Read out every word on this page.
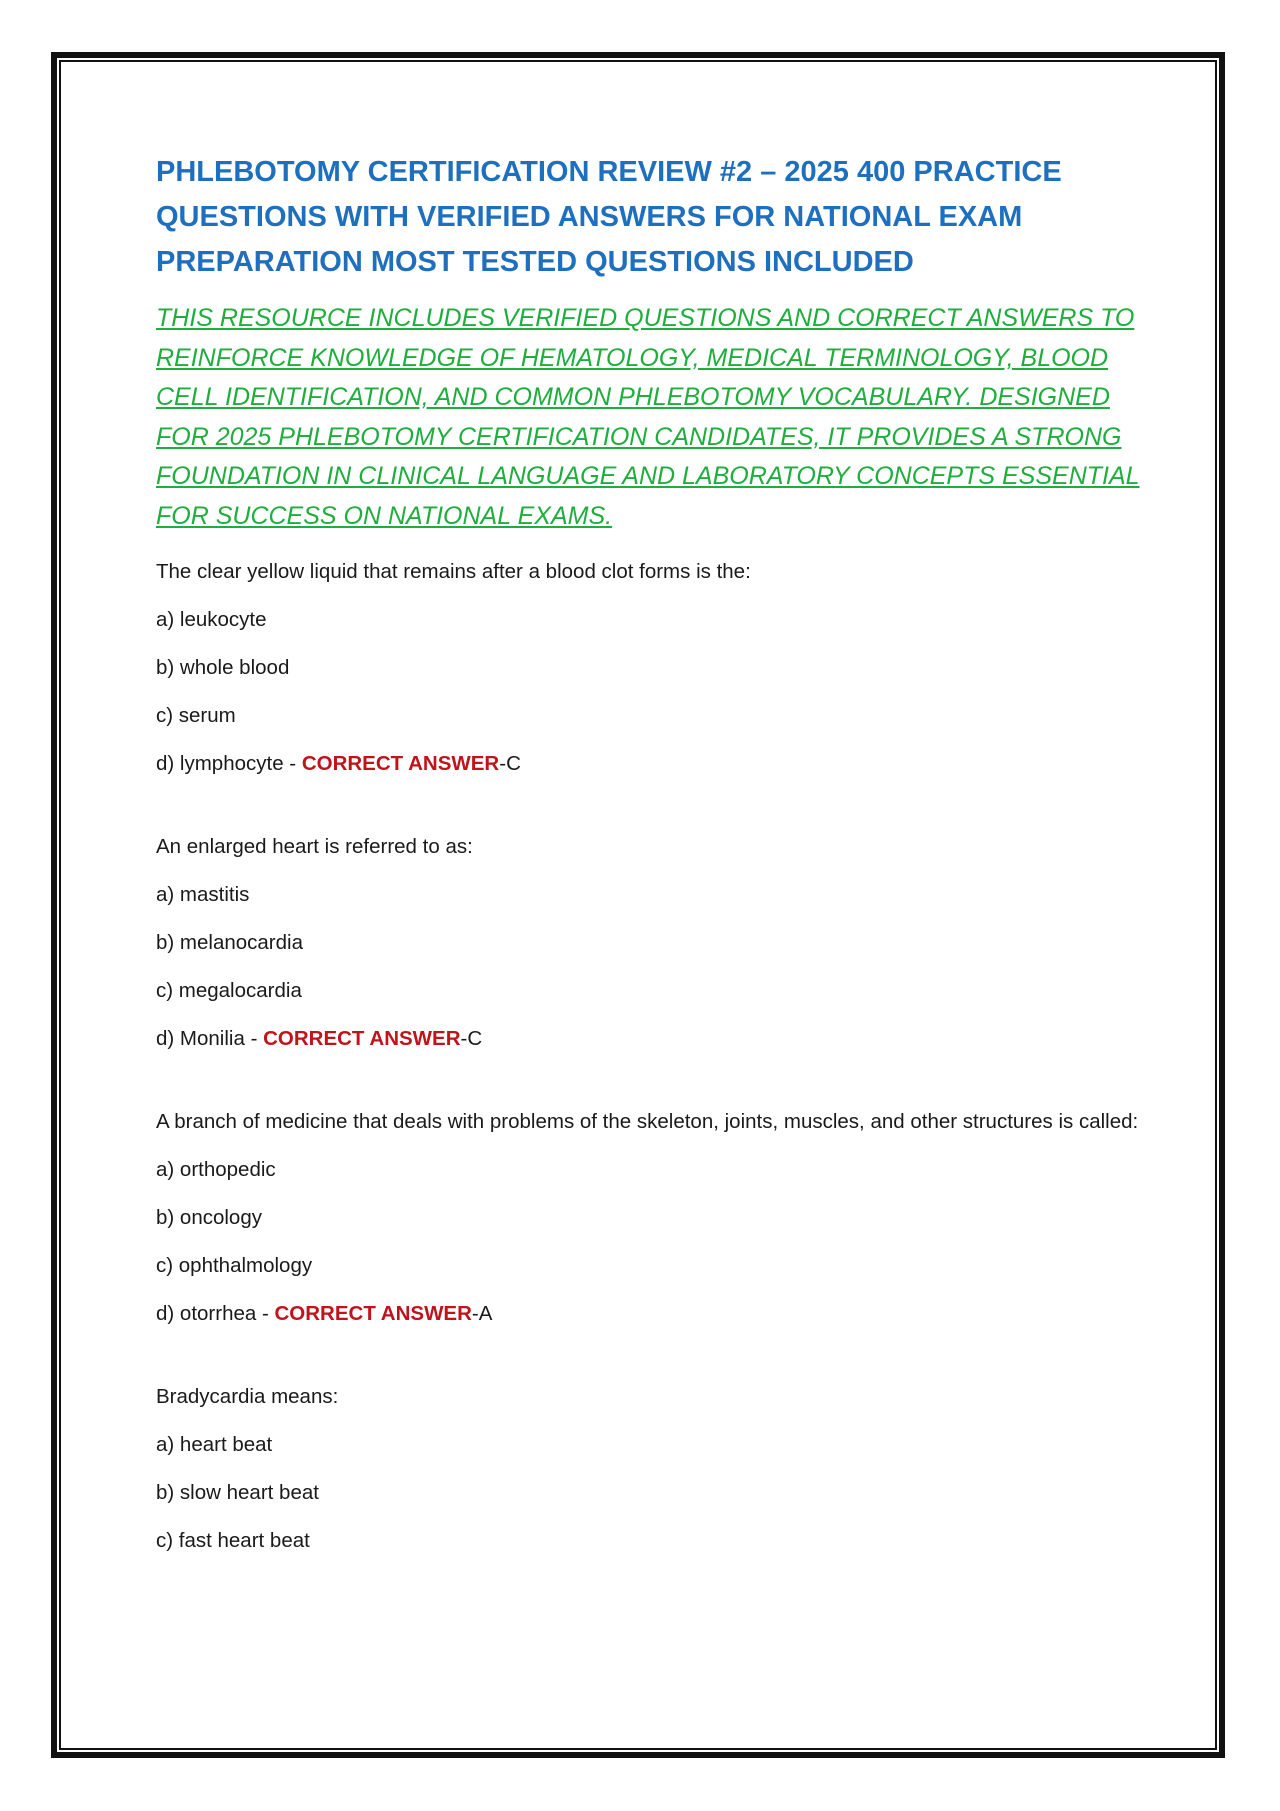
PHLEBOTOMY CERTIFICATION REVIEW #2 – 2025 400 PRACTICE QUESTIONS WITH VERIFIED ANSWERS FOR NATIONAL EXAM PREPARATION MOST TESTED QUESTIONS INCLUDED

THIS RESOURCE INCLUDES VERIFIED QUESTIONS AND CORRECT ANSWERS TO REINFORCE KNOWLEDGE OF HEMATOLOGY, MEDICAL TERMINOLOGY, BLOOD CELL IDENTIFICATION, AND COMMON PHLEBOTOMY VOCABULARY. DESIGNED FOR 2025 PHLEBOTOMY CERTIFICATION CANDIDATES, IT PROVIDES A STRONG FOUNDATION IN CLINICAL LANGUAGE AND LABORATORY CONCEPTS ESSENTIAL FOR SUCCESS ON NATIONAL EXAMS.

The clear yellow liquid that remains after a blood clot forms is the:

a) leukocyte

b) whole blood

c) serum

d) lymphocyte - CORRECT ANSWER-C

An enlarged heart is referred to as:

a) mastitis

b) melanocardia

c) megalocardia

d) Monilia - CORRECT ANSWER-C

A branch of medicine that deals with problems of the skeleton, joints, muscles, and other structures is called:

a) orthopedic

b) oncology

c) ophthalmology

d) otorrhea - CORRECT ANSWER-A

Bradycardia means:

a) heart beat

b) slow heart beat

c) fast heart beat
